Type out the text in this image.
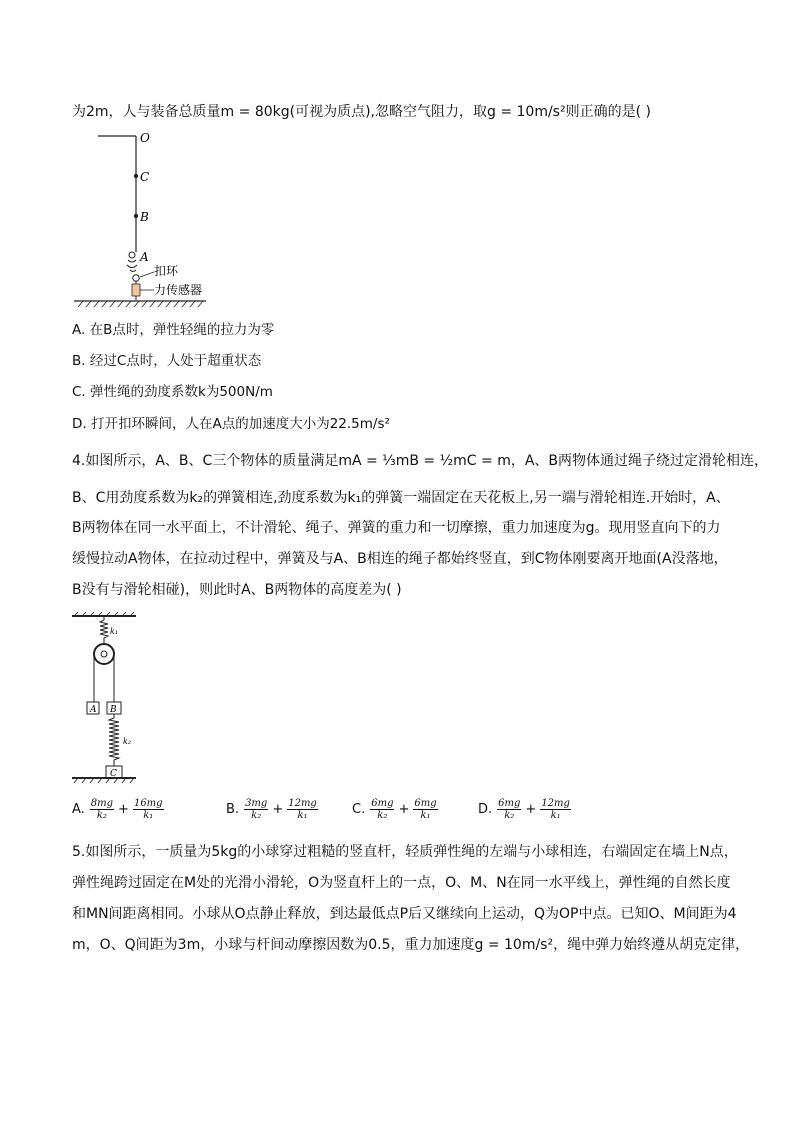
为2m，人与装备总质量m = 80kg(可视为质点),忽略空气阻力，取g = 10m/s²则正确的是( )
O
C
B
A
扣环
力传感器
A. 在B点时，弹性轻绳的拉力为零
B. 经过C点时，人处于超重状态
C. 弹性绳的劲度系数k为500N/m
D. 打开扣环瞬间，人在A点的加速度大小为22.5m/s²
4.如图所示，A、B、C三个物体的质量满足mA = ⅓mB = ½mC = m，A、B两物体通过绳子绕过定滑轮相连，
B、C用劲度系数为k₂的弹簧相连,劲度系数为k₁的弹簧一端固定在天花板上,另一端与滑轮相连.开始时，A、
B两物体在同一水平面上，不计滑轮、绳子、弹簧的重力和一切摩擦，重力加速度为g。现用竖直向下的力
缓慢拉动A物体，在拉动过程中，弹簧及与A、B相连的绳子都始终竖直，到C物体刚要离开地面(A没落地，
B没有与滑轮相碰)，则此时A、B两物体的高度差为( )
k₁
A B
k₂
C
A. $\frac{8mg}{\text{k₂}} + \frac{16mg}{\text{k₁}}$	B. $\frac{3mg}{\text{k₂}} + \frac{12mg}{\text{k₁}}$	C. $\frac{6mg}{\text{k₂}} + \frac{6mg}{\text{k₁}}$	D. $\frac{6mg}{\text{k₂}} + \frac{12mg}{\text{k₁}}$
5.如图所示，一质量为5kg的小球穿过粗糙的竖直杆，轻质弹性绳的左端与小球相连，右端固定在墙上N点，
弹性绳跨过固定在M处的光滑小滑轮，O为竖直杆上的一点，O、M、N在同一水平线上，弹性绳的自然长度
和MN间距离相同。小球从O点静止释放，到达最低点P后又继续向上运动，Q为OP中点。已知O、M间距为4
m，O、Q间距为3m，小球与杆间动摩擦因数为0.5，重力加速度g = 10m/s²，绳中弹力始终遵从胡克定律，
